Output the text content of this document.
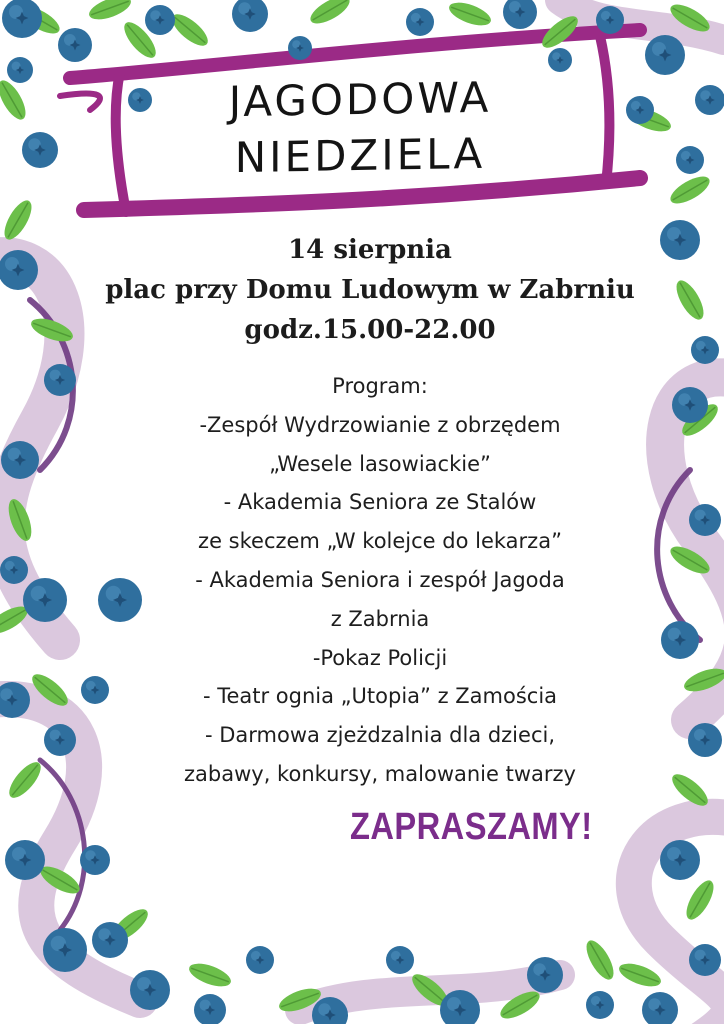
JAGODOWA
NIEDZIELA
14 sierpnia
plac przy Domu Ludowym w Zabrniu
godz.15.00-22.00
Program:
-Zespół Wydrzowianie z obrzędem
„Wesele lasowiackie”
- Akademia Seniora ze Stalów
ze skeczem „W kolejce do lekarza”
- Akademia Seniora i zespół Jagoda
z Zabrnia
-Pokaz Policji
- Teatr ognia „Utopia” z Zamościa
- Darmowa zjeżdzalnia dla dzieci,
zabawy, konkursy, malowanie twarzy
ZAPRASZAMY!
